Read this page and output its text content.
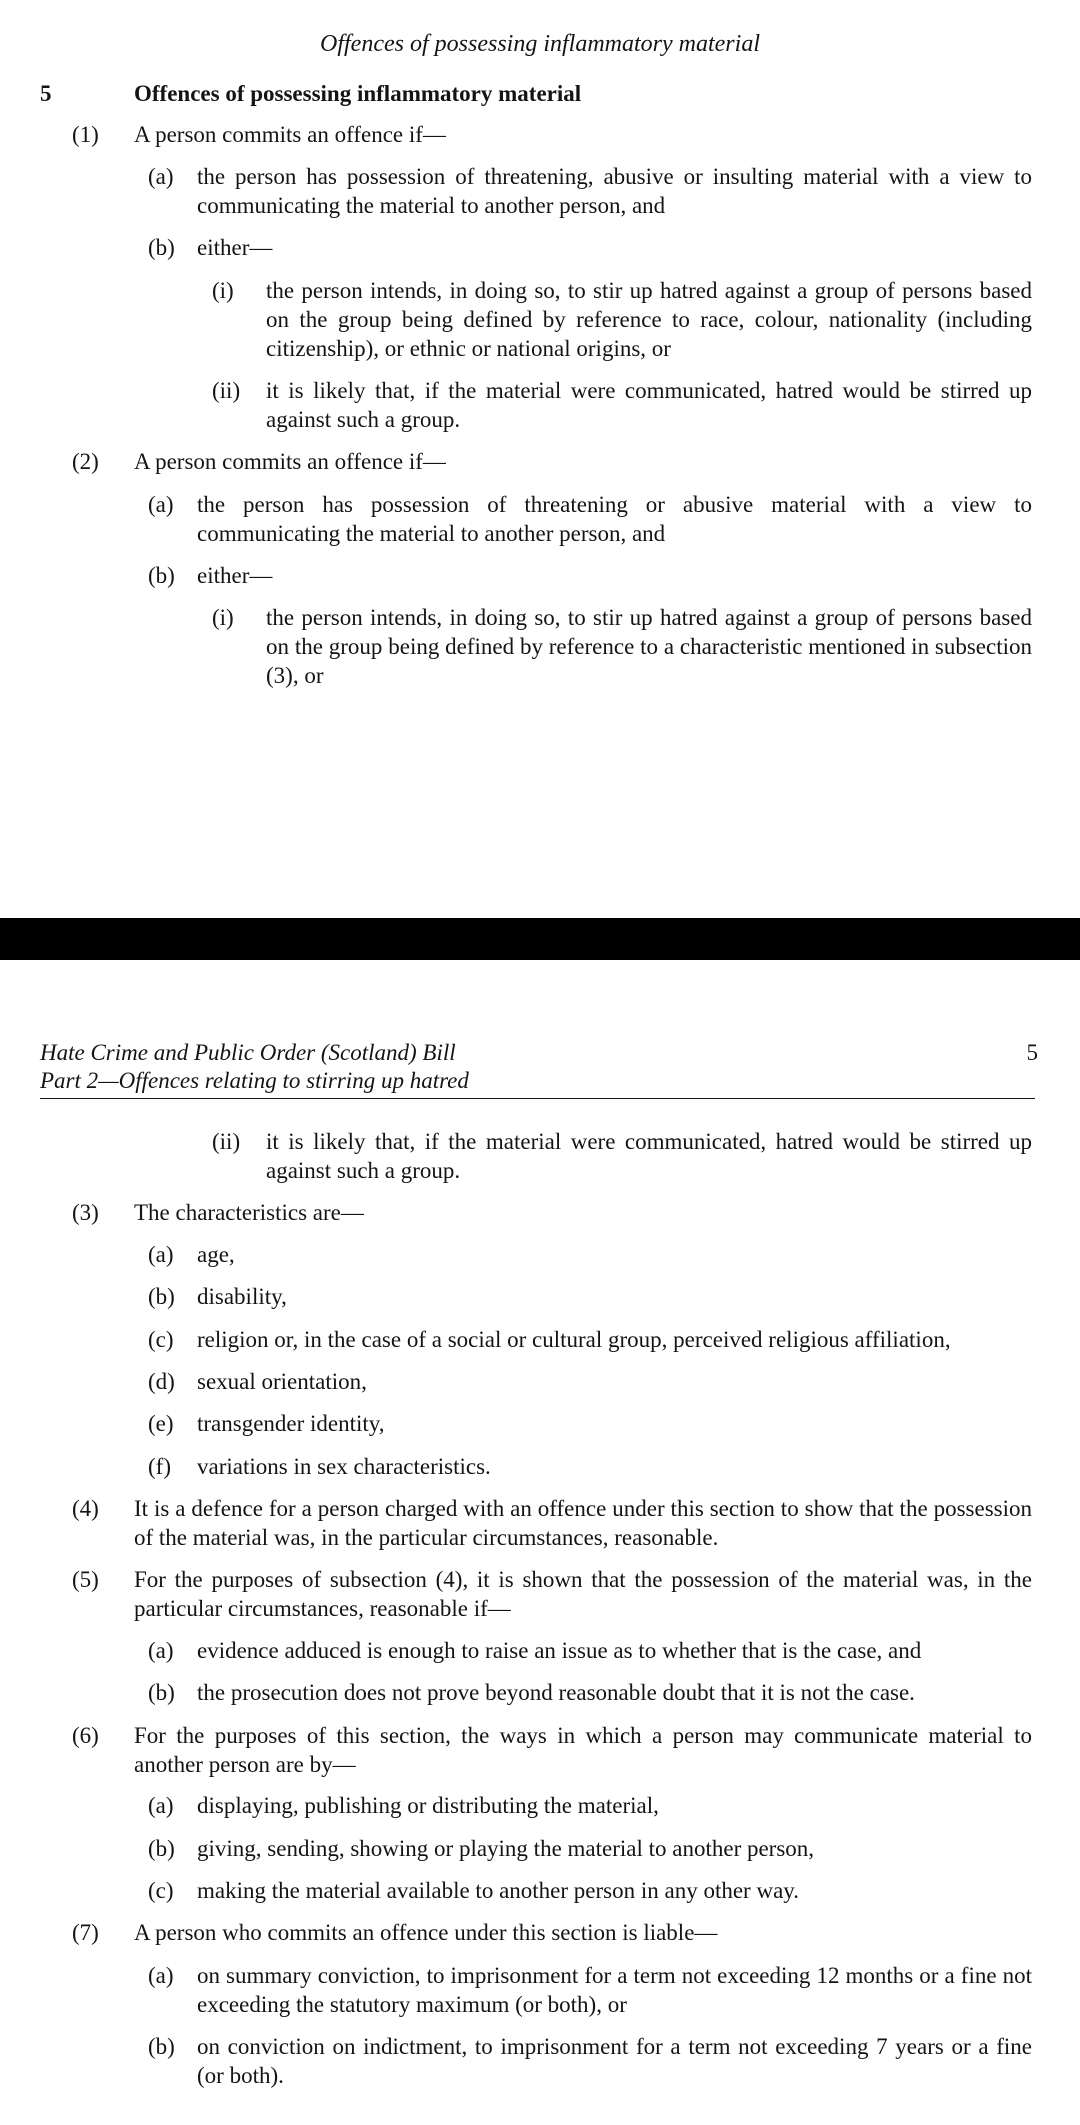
Offences of possessing inflammatory material

5	Offences of possessing inflammatory material

(1) A person commits an offence if—

(a) the person has possession of threatening, abusive or insulting material with a view to communicating the material to another person, and

(b) either—

(i) the person intends, in doing so, to stir up hatred against a group of persons based on the group being defined by reference to race, colour, nationality (including citizenship), or ethnic or national origins, or

(ii) it is likely that, if the material were communicated, hatred would be stirred up against such a group.

(2) A person commits an offence if—

(a) the person has possession of threatening or abusive material with a view to communicating the material to another person, and

(b) either—

(i) the person intends, in doing so, to stir up hatred against a group of persons based on the group being defined by reference to a characteristic mentioned in subsection (3), or

Hate Crime and Public Order (Scotland) Bill	5

Part 2—Offences relating to stirring up hatred

(ii) it is likely that, if the material were communicated, hatred would be stirred up against such a group.

(3) The characteristics are—

(a) age,

(b) disability,

(c) religion or, in the case of a social or cultural group, perceived religious affiliation,

(d) sexual orientation,

(e) transgender identity,

(f) variations in sex characteristics.

(4) It is a defence for a person charged with an offence under this section to show that the possession of the material was, in the particular circumstances, reasonable.

(5) For the purposes of subsection (4), it is shown that the possession of the material was, in the particular circumstances, reasonable if—

(a) evidence adduced is enough to raise an issue as to whether that is the case, and

(b) the prosecution does not prove beyond reasonable doubt that it is not the case.

(6) For the purposes of this section, the ways in which a person may communicate material to another person are by—

(a) displaying, publishing or distributing the material,

(b) giving, sending, showing or playing the material to another person,

(c) making the material available to another person in any other way.

(7) A person who commits an offence under this section is liable—

(a) on summary conviction, to imprisonment for a term not exceeding 12 months or a fine not exceeding the statutory maximum (or both), or

(b) on conviction on indictment, to imprisonment for a term not exceeding 7 years or a fine (or both).
